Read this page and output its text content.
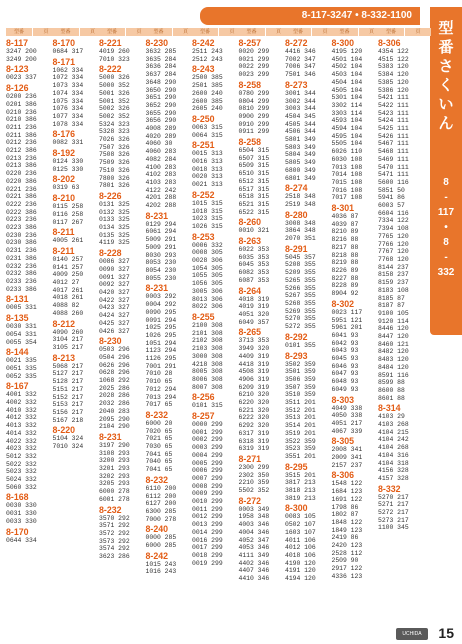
8-117-3247 • 8-332-1100
型
番
さ
く
い
ん
8
-
117
•
8
-
332
型番	頁
8-117
3247 200
3249 200
8-123
0023 337
8-126
0200 236
0201 386
0210 236
0210 386
0211 236
0211 386
0212 236
0212 386
0213 236
0213 386
0220 236
0220 386
0221 236
0221 386
0222 236
0222 386
0223 236
0223 386
0230 236
0230 386
0231 236
0231 386
0232 236
0232 386
0233 236
0233 386
8-131
0005 331
8-135
0030 331
0054 331
0055 354
8-144
0021 335
0051 335
0052 335
8-167
4001 332
4002 332
4010 332
4012 332
4013 332
4014 332
4022 332
4023 332
5012 332
5022 332
5023 332
5024 332
5060 332
8-168
0030 330
0031 330
0033 330
8-170
0644 334
型番	頁
8-170
0684 317
8-171
1062 334
1072 334
1073 334
1074 334
1075 334
1076 334
1077 334
1078 334
8-176
0082 331
8-192
0124 330
0125 330
8-202
0319 63
8-210
0115 258
0116 258
0117 267
8-211
4005 261
8-211
0140 257
0141 257
4009 250
4012 27
4017 261
4018 261
4088 82
4088 260
8-212
4090 260
3104 217
3105 217
8-213
5068 217
5127 217
5128 217
5151 217
5152 217
5153 217
5156 217
5167 218
8-220
5104 324
7010 324
型番	頁
8-221
4019 260
7010 323
8-222
5000 326
5000 352
5001 326
5001 352
5002 326
5002 352
5324 323
5328 323
7026 326
7507 326
7508 326
7509 326
7510 326
7800 326
7801 326
8-226
0131 325
0132 325
0133 325
0134 325
0135 325
4119 325
8-228
0086 327
0090 327
0091 327
0092 327
0420 327
0422 327
0423 327
0424 327
0425 327
0426 327
8-230
0503 296
0504 296
0626 296
0628 296
1068 292
2025 286
2028 286
2032 286
2040 283
2095 290
2104 290
8-231
3197 290
3108 293
3200 293
3201 293
3202 293
3205 293
6000 278
6001 278
8-232
3570 292
3571 292
3572 292
3573 292
3574 292
3623 286
型番	頁
8-230
3632 285
3635 284
3636 284
3637 284
3648 290
3650 290
3651 290
3652 290
3655 290
3656 290
4008 289
4020 289
4060 30
4060 283
4082 284
4100 283
4102 283
4103 283
4122 242
4201 288
4202 288
8-231
0129 294
6061 294
5009 291
5009 291
8030 293
8053 230
8054 230
8055 230
8-231
0003 292
0004 292
0090 295
0091 294
1025 295
1026 295
1051 294
1123 294
1126 295
7001 291
7010 28
7010 65
7012 294
7013 294
7017 65
8-232
6000 20
7020 65
7021 65
7030 65
7041 65
7040 65
7041 65
8-232
6110 200
6112 200
6127 200
6300 285
7000 278
8-240
0000 285
6000 285
8-242
1015 243
1016 243
型番	頁
8-242
2511 243
2512 243
8-243
2500 385
2501 385
2600 240
2600 385
2605 240
8-250
0063 315
0064 315
8-251
0015 313
0016 313
0018 313
0020 313
0021 313
8-252
1015 315
1018 315
1023 315
1026 315
8-253
0006 332
0008 305
0028 306
1054 305
1055 305
1056 305
3005 306
8013 306
8022 306
8-255
2100 308
2101 308
2102 308
2103 308
3000 308
4218 308
8005 308
8006 308
8007 308
8-256
0101 315
8-257
0000 299
0001 299
0002 299
0003 299
0004 299
0005 299
0006 299
0007 299
0008 299
0009 299
0010 299
0011 299
0012 299
0013 299
0014 299
0016 299
0017 299
0018 299
0019 299
型番	頁
8-257
0020 299
0021 299
0022 299
0023 299
8-258
0780 299
0804 299
0810 299
0900 299
0910 299
0911 299
8-258
6504 315
6507 315
6509 315
6510 315
6512 315
6517 315
6518 315
6521 315
6522 315
8-260
0010 321
8-263
6022 353
6035 353
6045 353
6082 353
6087 353
8-264
4018 319
4019 319
4051 320
6049 357
8-265
3713 353
3949 320
4409 319
4418 319
4508 319
4906 319
6209 319
6210 320
6220 320
6221 320
6222 320
6292 320
6317 319
6318 319
6319 319
8-271
2300 299
2302 350
2210 359
5502 352
8-272
0003 349
1958 348
4003 346
4004 346
4052 347
4053 346
4111 349
4402 346
4407 346
4410 346
型番	頁
8-272
4416 346
7002 347
7006 347
7501 346
8-273
3001 344
3002 344
3003 344
4504 345
4505 344
4506 344
5801 349
5803 349
5804 349
5805 349
6800 349
6801 349
8-274
2518 348
2519 348
8-280
3008 348
3864 348
2070 351
8-291
5045 357
5208 355
5209 355
5265 355
5266 355
5267 355
5268 355
5269 355
5270 355
5272 355
8-292
0101 355
8-293
3502 359
3501 359
3506 359
3507 359
3510 359
3511 201
3512 201
3513 201
3514 201
3519 201
3522 359
3523 359
3551 201
8-295
3515 201
3817 213
3818 213
3819 213
8-300
0083 105
0502 107
1603 107
4011 106
4012 106
4018 106
4190 120
4191 120
4194 120
型番	頁
8-300
4195 120
4501 104
4502 104
4503 104
4504 104
4505 104
5301 104
3302 114
3303 114
4593 104
4594 104
4595 104
5505 104
6026 110
6030 108
7013 108
7014 108
7015 108
7016 108
7017 108
8-301
4036 87
4039 87
8210 89
8216 88
8217 88
8218 88
8219 88
8226 89
8227 88
8228 89
8904 92
8-302
0023 117
5951 121
5961 201
6041 93
6042 93
6043 93
6045 93
6046 93
6047 93
6048 93
6049 93
8-303
4049 338
4050 338
4051 217
4067 339
8-305
2008 341
2009 341
2157 237
8-306
1548 122
1684 123
1691 122
1798 86
1802 87
1848 122
1849 123
2419 86
2420 123
2528 112
2509 90
2917 122
4336 123
型番	頁
8-306
4354 122
4515 122
5383 120
5384 120
5385 120
5386 120
5421 111
5422 111
5423 111
5424 111
5425 111
5426 111
5467 111
5468 111
5469 111
5470 111
5471 111
5600 116
5851 50
5941 86
6003 57
6604 116
7334 122
7394 108
7765 120
7766 120
7767 120
7768 120
8144 237
8158 237
8159 237
8183 108
8185 87
8187 87
9100 105
9120 114
8446 120
8447 120
8460 121
8482 120
8483 120
8484 120
8591 116
8599 88
8600 88
8601 88
8-314
4103 29
4103 268
4104 215
4104 242
4104 268
4104 316
4104 318
4156 328
4157 328
8-332
5270 217
5271 217
5272 217
5273 217
1100 345
UCHIDA	15
